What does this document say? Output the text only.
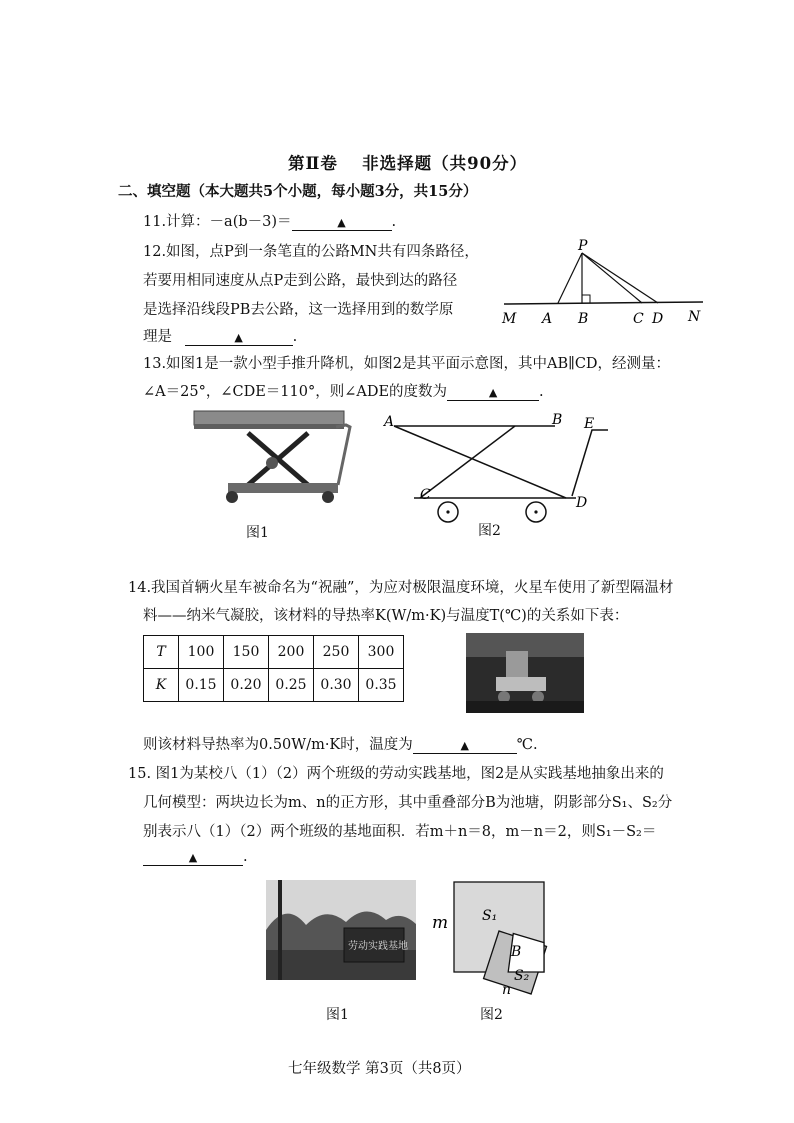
第Ⅱ卷　 非选择题（共90分）
二、填空题（本大题共5个小题，每小题3分，共15分）
11.计算：－a(b－3)＝	▲	.
12.如图，点P到一条笔直的公路MN共有四条路径，
若要用相同速度从点P走到公路，最快到达的路径
是选择沿线段PB去公路，这一选择用到的数学原
理是	▲	.
P
M A B	C D N
13.如图1是一款小型手推升降机，如图2是其平面示意图，其中AB∥CD，经测量：
∠A＝25°，∠CDE＝110°，则∠ADE的度数为	▲	.
图1
A	B E
C	D
图2
14.我国首辆火星车被命名为“祝融”，为应对极限温度环境，火星车使用了新型隔温材
料——纳米气凝胶，该材料的导热率K(W/m·K)与温度T(℃)的关系如下表：
T	100	150	200	250	300
K	0.15	0.20	0.25	0.30	0.35
则该材料导热率为0.50W/m·K时，温度为	▲	℃.
15. 图1为某校八（1）（2）两个班级的劳动实践基地，图2是从实践基地抽象出来的
几何模型：两块边长为m、n的正方形，其中重叠部分B为池塘，阴影部分S₁、S₂分
别表示八（1）（2）两个班级的基地面积．若m＋n＝8，m－n＝2，则S₁－S₂＝
▲	.
劳动实践基地
图1
S₁
B
S₂
m
n
图2
七年级数学 第3页（共8页）
